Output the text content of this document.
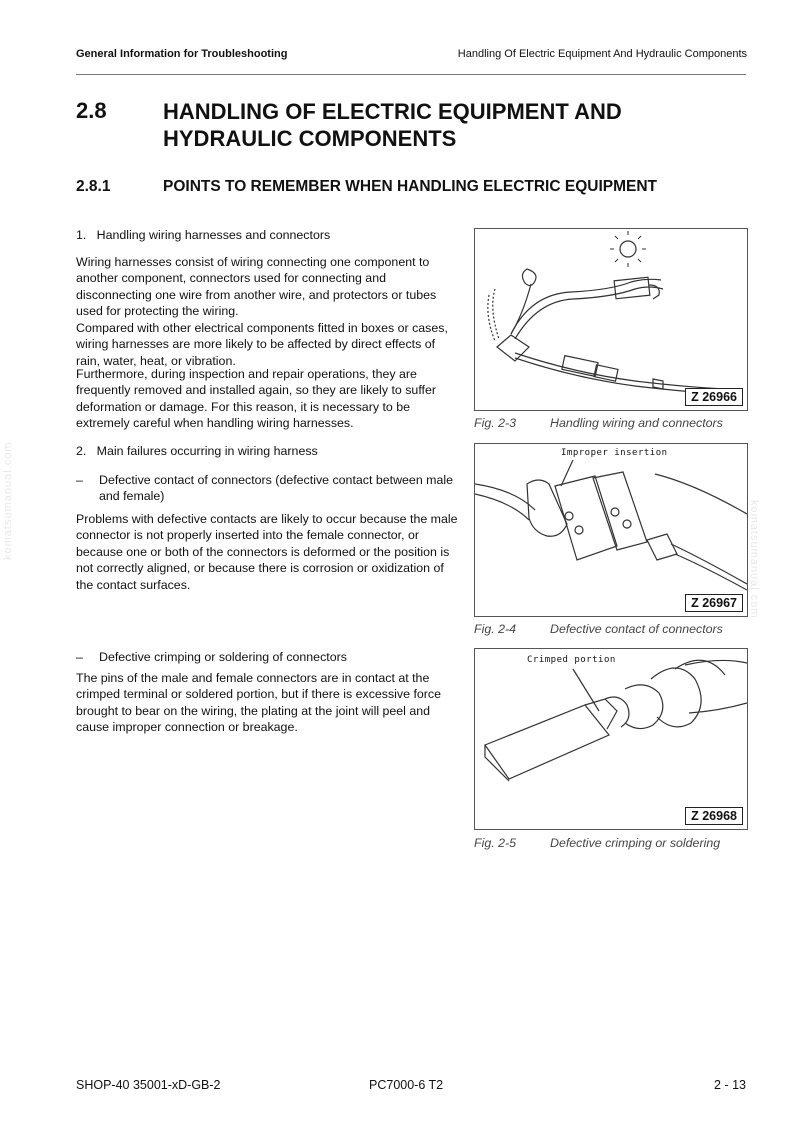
General Information for Troubleshooting	Handling Of Electric Equipment And Hydraulic Components
2.8	HANDLING OF ELECTRIC EQUIPMENT AND HYDRAULIC COMPONENTS
2.8.1	POINTS TO REMEMBER WHEN HANDLING ELECTRIC EQUIPMENT
1.   Handling wiring harnesses and connectors
Wiring harnesses consist of wiring connecting one component to another component, connectors used for connecting and disconnecting one wire from another wire, and protectors or tubes used for protecting the wiring.
Compared with other electrical components fitted in boxes or cases, wiring harnesses are more likely to be affected by direct effects of rain, water, heat, or vibration.
Furthermore, during inspection and repair operations, they are frequently removed and installed again, so they are likely to suffer deformation or damage. For this reason, it is necessary to be extremely careful when handling wiring harnesses.
2.   Main failures occurring in wiring harness
– Defective contact of connectors (defective contact between male and female)
Problems with defective contacts are likely to occur because the male connector is not properly inserted into the female connector, or because one or both of the connectors is deformed or the position is not correctly aligned, or because there is corrosion or oxidization of the contact surfaces.
– Defective crimping or soldering of connectors
The pins of the male and female connectors are in contact at the crimped terminal or soldered portion, but if there is excessive force brought to bear on the wiring, the plating at the joint will peel and cause improper connection or breakage.
Z 26966
Fig. 2-3	Handling wiring and connectors
Improper insertion
Z 26967
Fig. 2-4	Defective contact of connectors
Crimped portion
Z 26968
Fig. 2-5	Defective crimping or soldering
komatsumanual.com	komatsumanual.com
SHOP-40 35001-xD-GB-2	PC7000-6 T2	2 - 13
